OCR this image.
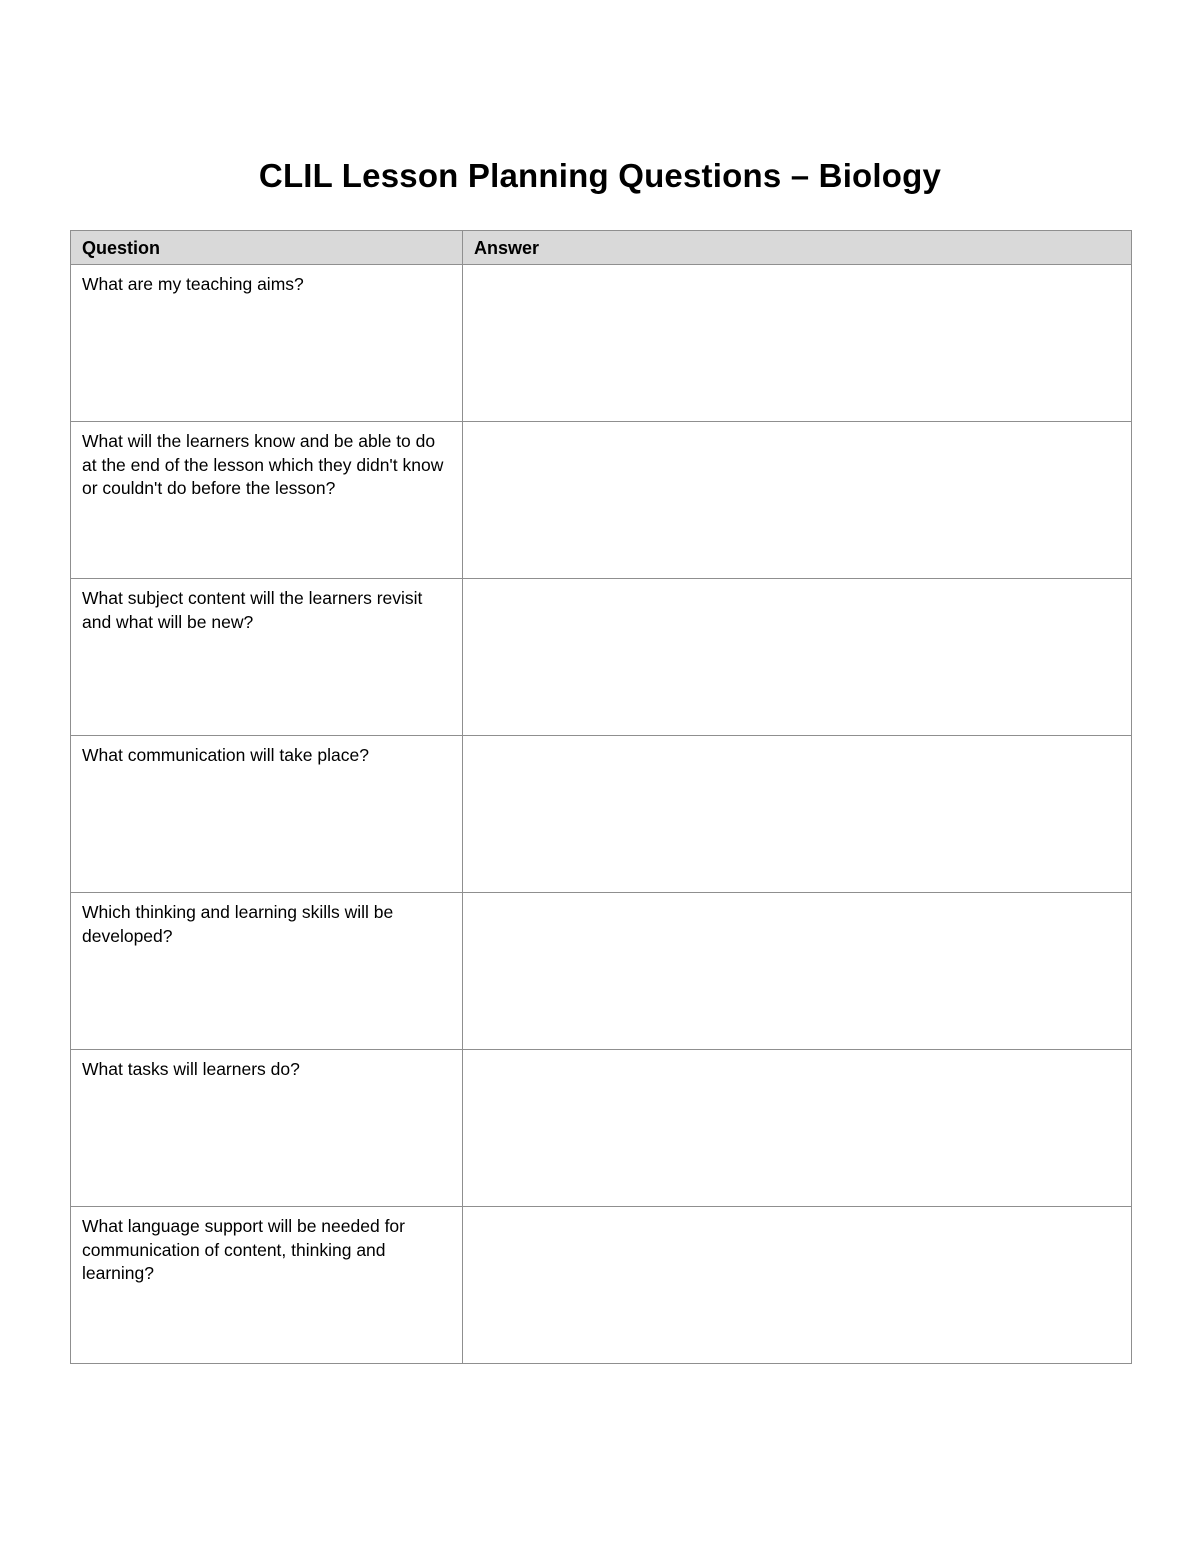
CLIL Lesson Planning Questions – Biology
Question	Answer
What are my teaching aims?	
What will the learners know and be able to do at the end of the lesson which they didn't know or couldn't do before the lesson?	
What subject content will the learners revisit and what will be new?	
What communication will take place?	
Which thinking and learning skills will be developed?	
What tasks will learners do?	
What language support will be needed for communication of content, thinking and learning?	
